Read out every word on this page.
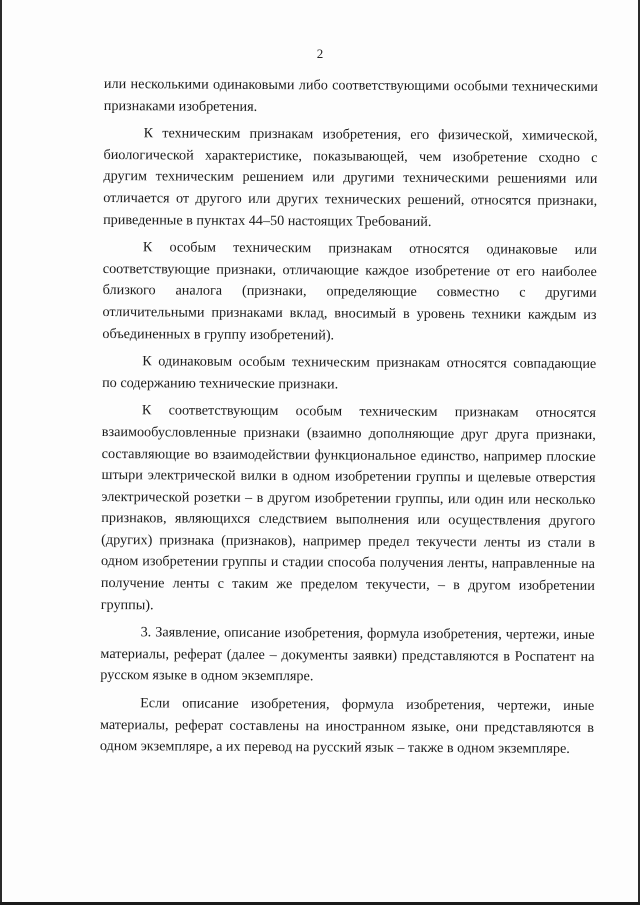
2

или несколькими одинаковыми либо соответствующими особыми техническими признаками изобретения.

К техническим признакам изобретения, его физической, химической, биологической характеристике, показывающей, чем изобретение сходно с другим техническим решением или другими техническими решениями или отличается от другого или других технических решений, относятся признаки, приведенные в пунктах 44–50 настоящих Требований.

К особым техническим признакам относятся одинаковые или соответствующие признаки, отличающие каждое изобретение от его наиболее близкого аналога (признаки, определяющие совместно с другими отличительными признаками вклад, вносимый в уровень техники каждым из объединенных в группу изобретений).

К одинаковым особым техническим признакам относятся совпадающие по содержанию технические признаки.

К соответствующим особым техническим признакам относятся взаимообусловленные признаки (взаимно дополняющие друг друга признаки, составляющие во взаимодействии функциональное единство, например плоские штыри электрической вилки в одном изобретении группы и щелевые отверстия электрической розетки – в другом изобретении группы, или один или несколько признаков, являющихся следствием выполнения или осуществления другого (других) признака (признаков), например предел текучести ленты из стали в одном изобретении группы и стадии способа получения ленты, направленные на получение ленты с таким же пределом текучести, – в другом изобретении группы).

3. Заявление, описание изобретения, формула изобретения, чертежи, иные материалы, реферат (далее – документы заявки) представляются в Роспатент на русском языке в одном экземпляре.

Если описание изобретения, формула изобретения, чертежи, иные материалы, реферат составлены на иностранном языке, они представляются в одном экземпляре, а их перевод на русский язык – также в одном экземпляре.
